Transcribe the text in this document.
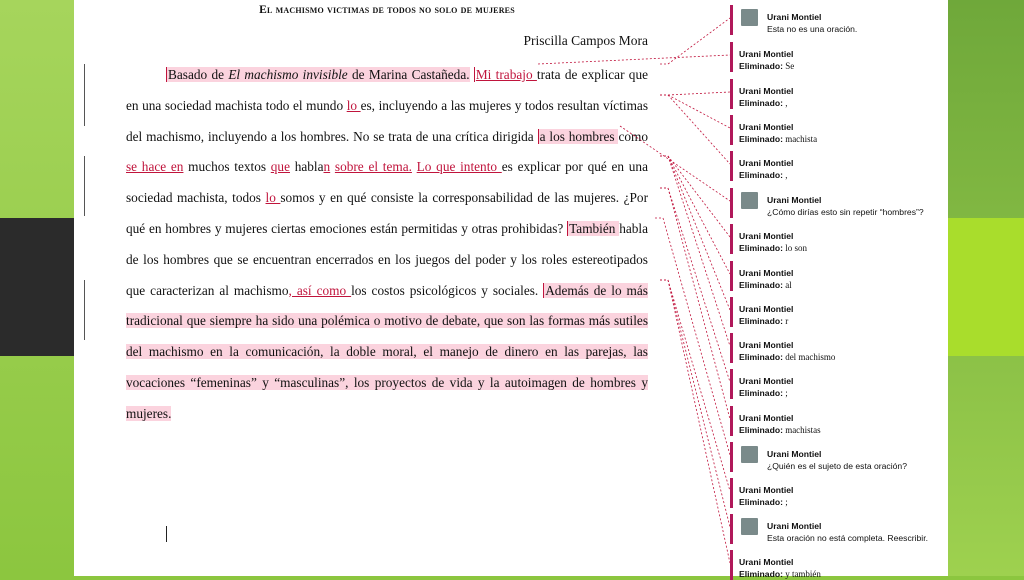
El machismo victimas de todos no solo de mujeres
Priscilla Campos Mora
Basado de El machismo invisible de Marina Castañeda. Mi trabajo trata de explicar que en una sociedad machista todo el mundo lo es, incluyendo a las mujeres y todos resultan víctimas del machismo, incluyendo a los hombres. No se trata de una crítica dirigida a los hombres como se hace en muchos textos que hablan sobre el tema. Lo que intento es explicar por qué en una sociedad machista, todos lo somos y en qué consiste la corresponsabilidad de las mujeres. ¿Por qué en hombres y mujeres ciertas emociones están permitidas y otras prohibidas? También habla de los hombres que se encuentran encerrados en los juegos del poder y los roles estereotipados que caracterizan al machismo, así como los costos psicológicos y sociales. Además de lo más tradicional que siempre ha sido una polémica o motivo de debate, que son las formas más sutiles del machismo en la comunicación, la doble moral, el manejo de dinero en las parejas, las vocaciones “femeninas” y “masculinas”, los proyectos de vida y la autoimagen de hombres y mujeres.
Urani Montiel
Esta no es una oración.
Urani Montiel
Eliminado: Se
Urani Montiel
Eliminado: ,
Urani Montiel
Eliminado: machista
Urani Montiel
Eliminado: ,
Urani Montiel
¿Cómo dirías esto sin repetir “hombres”?
Urani Montiel
Eliminado: lo son
Urani Montiel
Eliminado: al
Urani Montiel
Eliminado: r
Urani Montiel
Eliminado: del machismo
Urani Montiel
Eliminado: ;
Urani Montiel
Eliminado: machistas
Urani Montiel
¿Quién es el sujeto de esta oración?
Urani Montiel
Eliminado: ;
Urani Montiel
Esta oración no está completa. Reescribir.
Urani Montiel
Eliminado: y también
